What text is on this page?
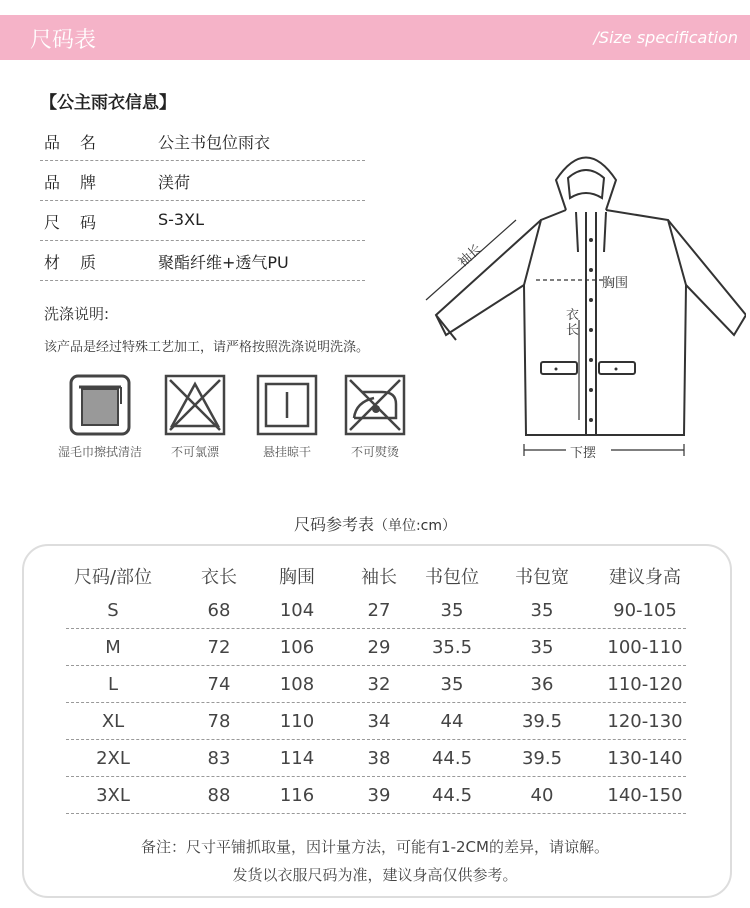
尺码表	/Size specification
【公主雨衣信息】
品名	公主书包位雨衣
品牌	渼荷
尺码	S-3XL
材质	聚酯纤维+透气PU
洗涤说明:
该产品是经过特殊工艺加工，请严格按照洗涤说明洗涤。
湿毛巾擦拭清洁	不可氯漂	悬挂晾干	不可熨烫
袖长
胸围
衣长
下摆
尺码参考表（单位:cm）
尺码/部位	衣长 胸围	袖长 书包位 书包宽 建议身高
S	68	104	27	35	35	90-105
M	72	106	29 35.5	35	100-110
L	74	108	32	35	36	110-120
XL	78	110	34	44	39.5	120-130
2XL	83	114	38 44.5	39.5	130-140
3XL	88	116	39 44.5	40	140-150
备注：尺寸平铺抓取量，因计量方法，可能有1-2CM的差异，请谅解。
发货以衣服尺码为准，建议身高仅供参考。
